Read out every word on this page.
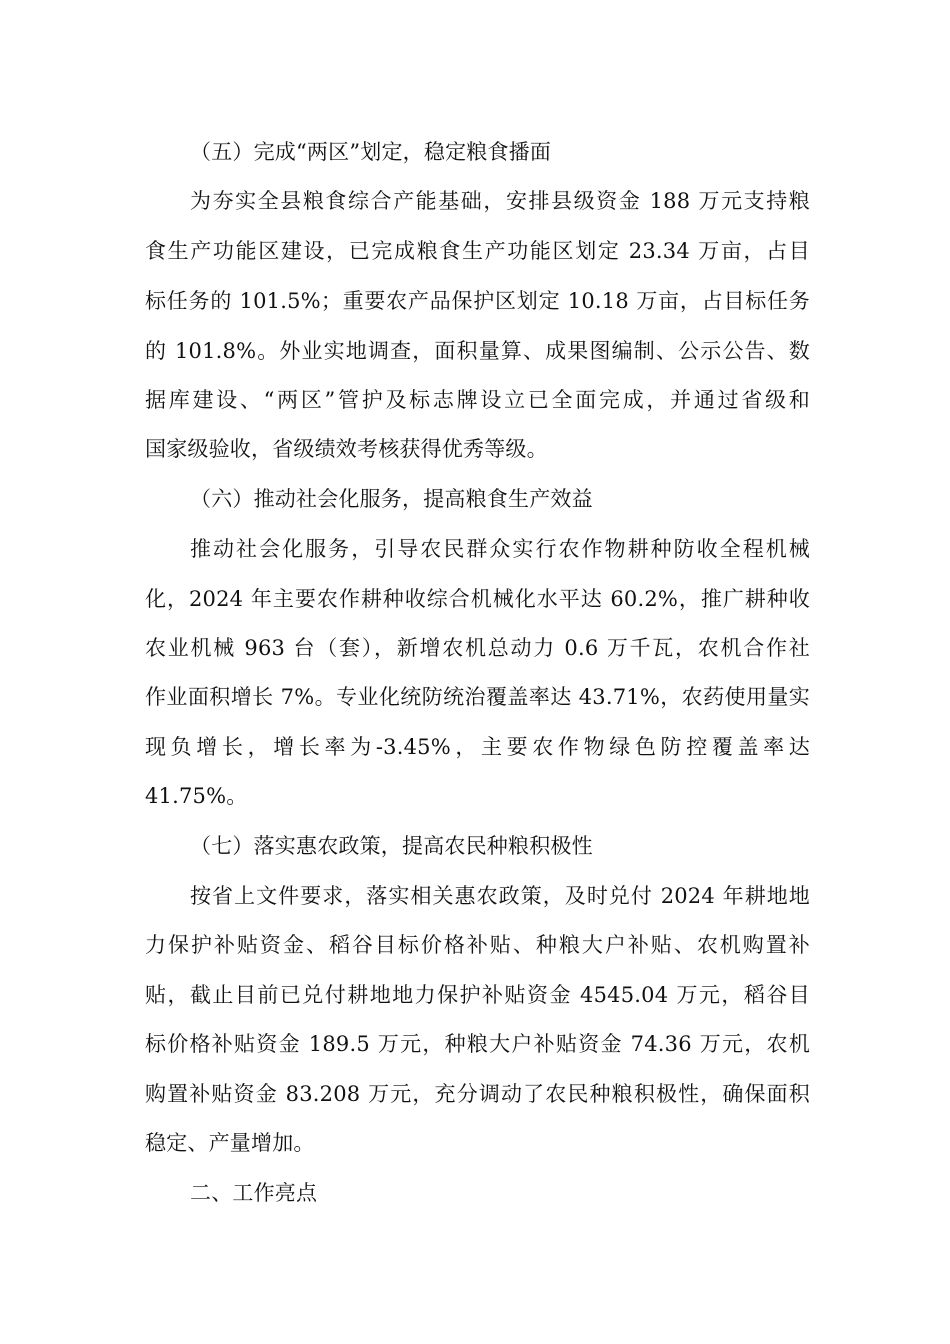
（五）完成“两区”划定，稳定粮食播面
为夯实全县粮食综合产能基础，安排县级资金 188 万元支持粮
食生产功能区建设，已完成粮食生产功能区划定 23.34 万亩，占目
标任务的 101.5%；重要农产品保护区划定 10.18 万亩，占目标任务
的 101.8%。外业实地调查，面积量算、成果图编制、公示公告、数
据库建设、“两区”管护及标志牌设立已全面完成，并通过省级和
国家级验收，省级绩效考核获得优秀等级。
（六）推动社会化服务，提高粮食生产效益
推动社会化服务，引导农民群众实行农作物耕种防收全程机械
化，2024 年主要农作耕种收综合机械化水平达 60.2%，推广耕种收
农业机械 963 台（套），新增农机总动力 0.6 万千瓦，农机合作社
作业面积增长 7%。专业化统防统治覆盖率达 43.71%，农药使用量实
现负增长，增长率为-3.45%，主要农作物绿色防控覆盖率达
41.75%。
（七）落实惠农政策，提高农民种粮积极性
按省上文件要求，落实相关惠农政策，及时兑付 2024 年耕地地
力保护补贴资金、稻谷目标价格补贴、种粮大户补贴、农机购置补
贴，截止目前已兑付耕地地力保护补贴资金 4545.04 万元，稻谷目
标价格补贴资金 189.5 万元，种粮大户补贴资金 74.36 万元，农机
购置补贴资金 83.208 万元，充分调动了农民种粮积极性，确保面积
稳定、产量增加。
二、工作亮点
